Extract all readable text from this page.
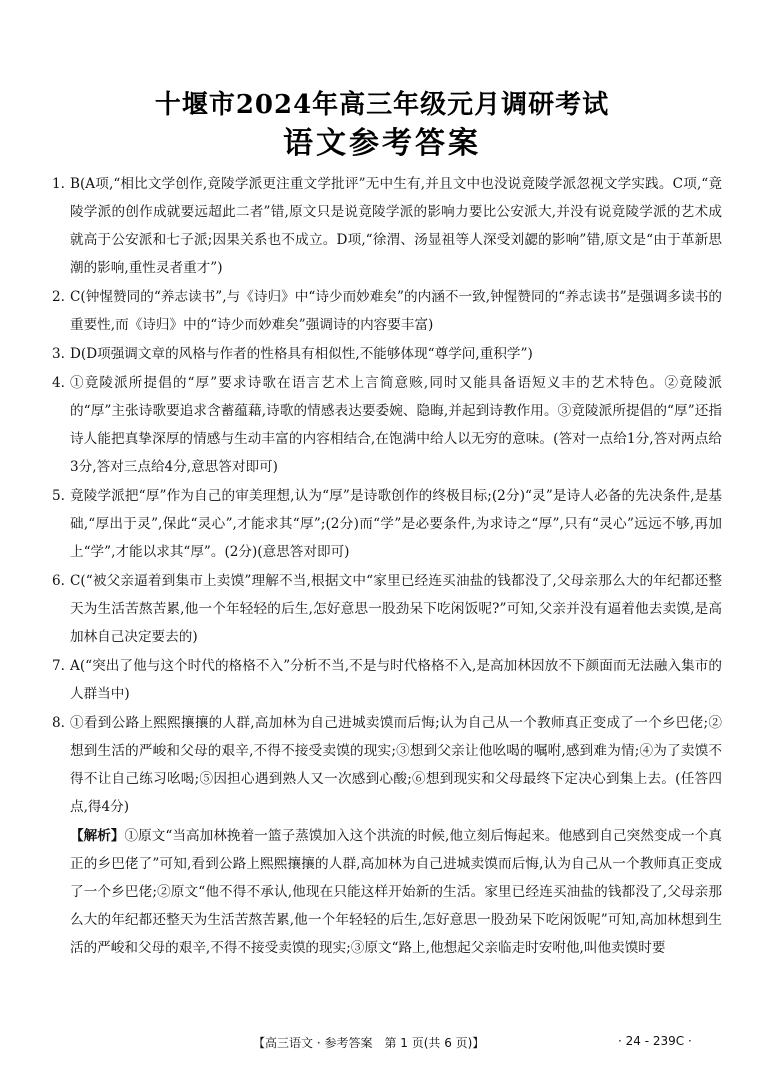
十堰市2024年高三年级元月调研考试
语文参考答案
1. B(A项,“相比文学创作,竟陵学派更注重文学批评”无中生有,并且文中也没说竟陵学派忽视文学实践。C项,“竟陵学派的创作成就要远超此二者”错,原文只是说竟陵学派的影响力要比公安派大,并没有说竟陵学派的艺术成就高于公安派和七子派;因果关系也不成立。D项,“徐渭、汤显祖等人深受刘勰的影响”错,原文是“由于革新思潮的影响,重性灵者重才”)
2. C(钟惺赞同的“养志读书”,与《诗归》中“诗少而妙难矣”的内涵不一致,钟惺赞同的“养志读书”是强调多读书的重要性,而《诗归》中的“诗少而妙难矣”强调诗的内容要丰富)
3. D(D项强调文章的风格与作者的性格具有相似性,不能够体现“尊学问,重积学”)
4. ①竟陵派所提倡的“厚”要求诗歌在语言艺术上言简意赅,同时又能具备语短义丰的艺术特色。②竟陵派的“厚”主张诗歌要追求含蓄蕴藉,诗歌的情感表达要委婉、隐晦,并起到诗教作用。③竟陵派所提倡的“厚”还指诗人能把真挚深厚的情感与生动丰富的内容相结合,在饱满中给人以无穷的意味。(答对一点给1分,答对两点给3分,答对三点给4分,意思答对即可)
5. 竟陵学派把“厚”作为自己的审美理想,认为“厚”是诗歌创作的终极目标;(2分)“灵”是诗人必备的先决条件,是基础,“厚出于灵”,保此“灵心”,才能求其“厚”;(2分)而“学”是必要条件,为求诗之“厚”,只有“灵心”远远不够,再加上“学”,才能以求其“厚”。(2分)(意思答对即可)
6. C(“被父亲逼着到集市上卖馍”理解不当,根据文中“家里已经连买油盐的钱都没了,父母亲那么大的年纪都还整天为生活苦熬苦累,他一个年轻轻的后生,怎好意思一股劲呆下吃闲饭呢?”可知,父亲并没有逼着他去卖馍,是高加林自己决定要去的)
7. A(“突出了他与这个时代的格格不入”分析不当,不是与时代格格不入,是高加林因放不下颜面而无法融入集市的人群当中)
8. ①看到公路上熙熙攘攘的人群,高加林为自己进城卖馍而后悔;认为自己从一个教师真正变成了一个乡巴佬;②想到生活的严峻和父母的艰辛,不得不接受卖馍的现实;③想到父亲让他吆喝的嘱咐,感到难为情;④为了卖馍不得不让自己练习吆喝;⑤因担心遇到熟人又一次感到心酸;⑥想到现实和父母最终下定决心到集上去。(任答四点,得4分)
【解析】①原文“当高加林挽着一篮子蒸馍加入这个洪流的时候,他立刻后悔起来。他感到自己突然变成一个真正的乡巴佬了”可知,看到公路上熙熙攘攘的人群,高加林为自己进城卖馍而后悔,认为自己从一个教师真正变成了一个乡巴佬;②原文“他不得不承认,他现在只能这样开始新的生活。家里已经连买油盐的钱都没了,父母亲那么大的年纪都还整天为生活苦熬苦累,他一个年轻轻的后生,怎好意思一股劲呆下吃闲饭呢”可知,高加林想到生活的严峻和父母的艰辛,不得不接受卖馍的现实;③原文“路上,他想起父亲临走时安咐他,叫他卖馍时要
【高三语文 · 参考答案　第 1 页(共 6 页)】	· 24 - 239C ·
